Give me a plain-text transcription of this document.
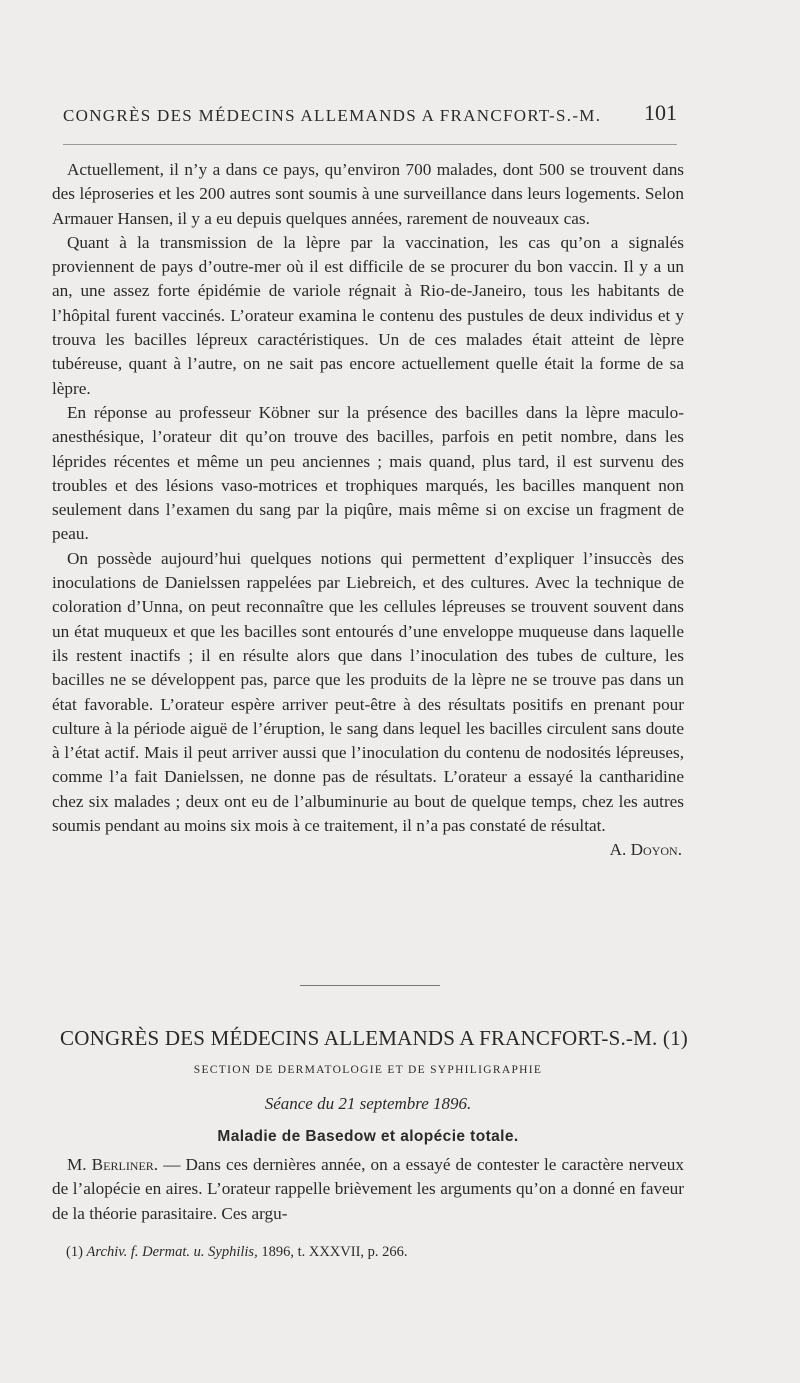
CONGRÈS DES MÉDECINS ALLEMANDS A FRANCFORT-S.-M. 101

Actuellement, il n’y a dans ce pays, qu’environ 700 malades, dont 500 se trouvent dans des léproseries et les 200 autres sont soumis à une surveillance dans leurs logements. Selon Armauer Hansen, il y a eu depuis quelques années, rarement de nouveaux cas.

Quant à la transmission de la lèpre par la vaccination, les cas qu’on a signalés proviennent de pays d’outre-mer où il est difficile de se procurer du bon vaccin. Il y a un an, une assez forte épidémie de variole régnait à Rio-de-Janeiro, tous les habitants de l’hôpital furent vaccinés. L’orateur examina le contenu des pustules de deux individus et y trouva les bacilles lépreux caractéristiques. Un de ces malades était atteint de lèpre tubéreuse, quant à l’autre, on ne sait pas encore actuellement quelle était la forme de sa lèpre.

En réponse au professeur Köbner sur la présence des bacilles dans la lèpre maculo-anesthésique, l’orateur dit qu’on trouve des bacilles, parfois en petit nombre, dans les léprides récentes et même un peu anciennes ; mais quand, plus tard, il est survenu des troubles et des lésions vaso-motrices et trophiques marqués, les bacilles manquent non seulement dans l’examen du sang par la piqûre, mais même si on excise un fragment de peau.

On possède aujourd’hui quelques notions qui permettent d’expliquer l’insuccès des inoculations de Danielssen rappelées par Liebreich, et des cultures. Avec la technique de coloration d’Unna, on peut reconnaître que les cellules lépreuses se trouvent souvent dans un état muqueux et que les bacilles sont entourés d’une enveloppe muqueuse dans laquelle ils restent inactifs ; il en résulte alors que dans l’inoculation des tubes de culture, les bacilles ne se développent pas, parce que les produits de la lèpre ne se trouve pas dans un état favorable. L’orateur espère arriver peut-être à des résultats positifs en prenant pour culture à la période aiguë de l’éruption, le sang dans lequel les bacilles circulent sans doute à l’état actif. Mais il peut arriver aussi que l’inoculation du contenu de nodosités lépreuses, comme l’a fait Danielssen, ne donne pas de résultats. L’orateur a essayé la cantharidine chez six malades ; deux ont eu de l’albuminurie au bout de quelque temps, chez les autres soumis pendant au moins six mois à ce traitement, il n’a pas constaté de résultat.

A. Doyon.

CONGRÈS DES MÉDECINS ALLEMANDS A FRANCFORT-S.-M. (1)
SECTION DE DERMATOLOGIE ET DE SYPHILIGRAPHIE
Séance du 21 septembre 1896.
Maladie de Basedow et alopécie totale.

M. Berliner. — Dans ces dernières année, on a essayé de contester le caractère nerveux de l’alopécie en aires. L’orateur rappelle brièvement les arguments qu’on a donné en faveur de la théorie parasitaire. Ces argu-

(1) Archiv. f. Dermat. u. Syphilis, 1896, t. XXXVII, p. 266.
